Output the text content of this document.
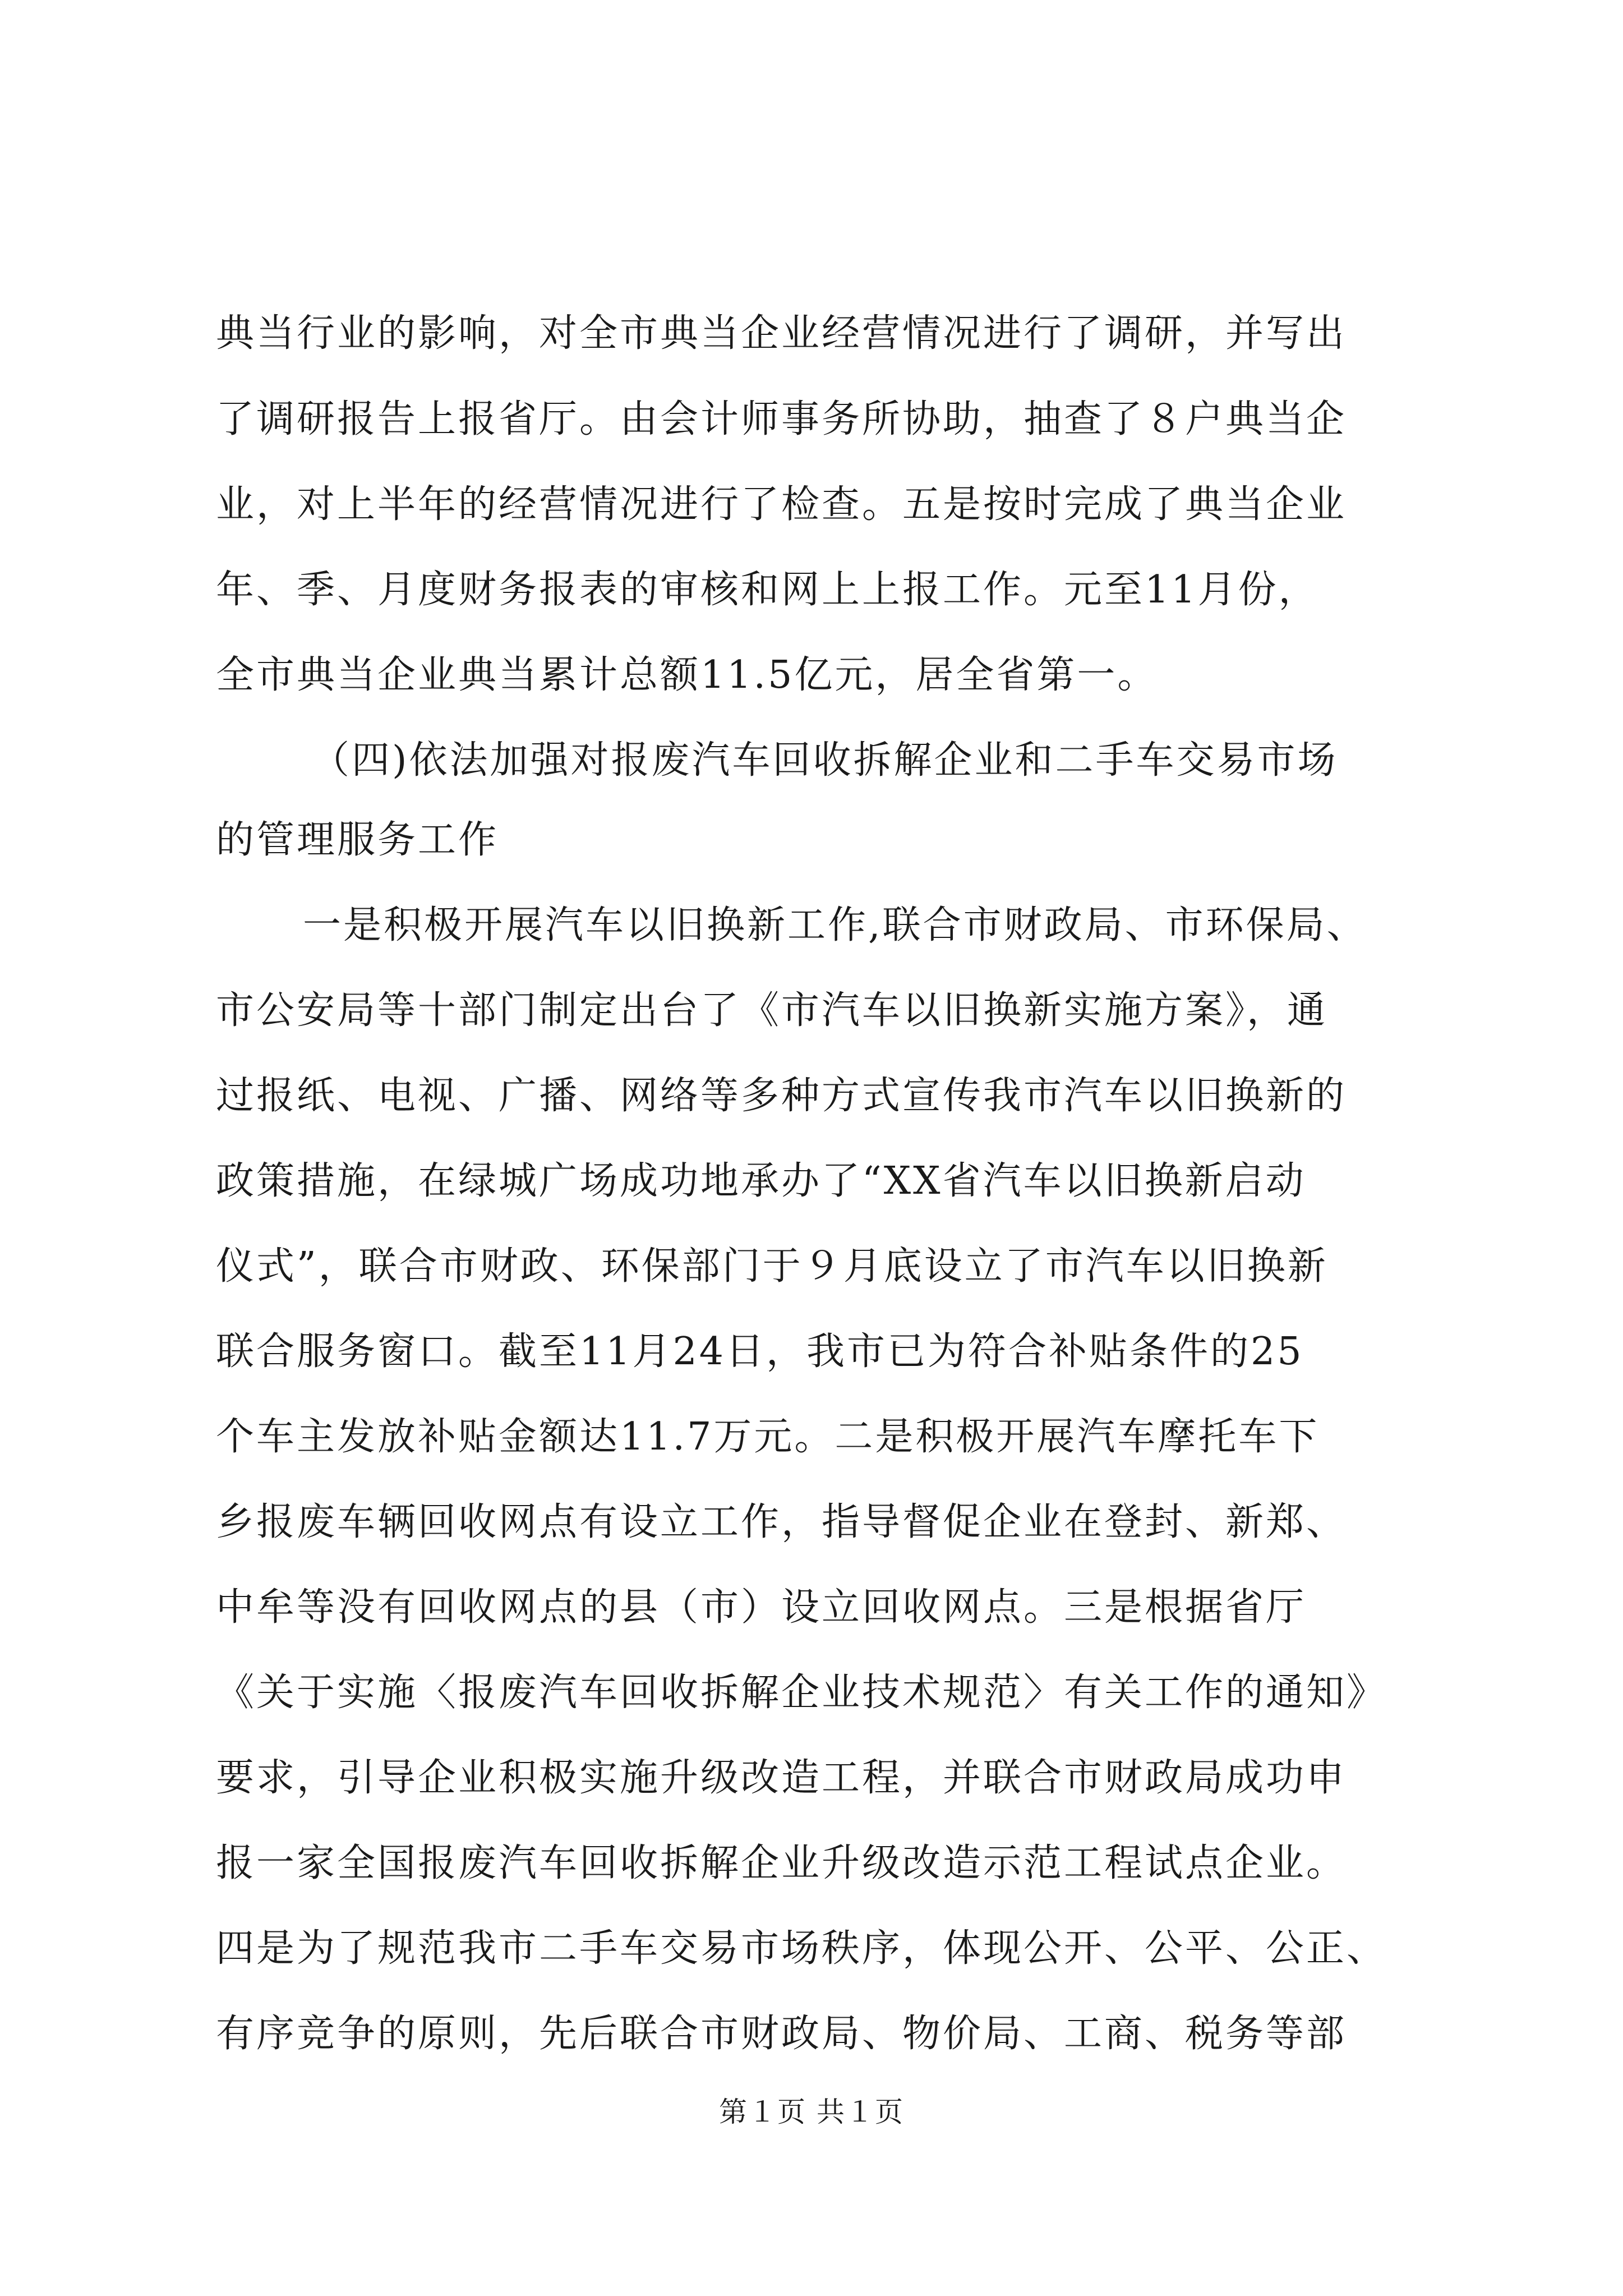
典当行业的影响，对全市典当企业经营情况进行了调研，并写出
了调研报告上报省厅。由会计师事务所协助，抽查了８户典当企
业，对上半年的经营情况进行了检查。五是按时完成了典当企业
年、季、月度财务报表的审核和网上上报工作。元至11月份，
全市典当企业典当累计总额11.5亿元，居全省第一。
（四)依法加强对报废汽车回收拆解企业和二手车交易市场
的管理服务工作
一是积极开展汽车以旧换新工作,联合市财政局、市环保局、
市公安局等十部门制定出台了《市汽车以旧换新实施方案》，通
过报纸、电视、广播、网络等多种方式宣传我市汽车以旧换新的
政策措施，在绿城广场成功地承办了“XX省汽车以旧换新启动
仪式”，联合市财政、环保部门于９月底设立了市汽车以旧换新
联合服务窗口。截至11月24日，我市已为符合补贴条件的25
个车主发放补贴金额达11.7万元。二是积极开展汽车摩托车下
乡报废车辆回收网点有设立工作，指导督促企业在登封、新郑、
中牟等没有回收网点的县（市）设立回收网点。三是根据省厅
《关于实施〈报废汽车回收拆解企业技术规范〉有关工作的通知》
要求，引导企业积极实施升级改造工程，并联合市财政局成功申
报一家全国报废汽车回收拆解企业升级改造示范工程试点企业。
四是为了规范我市二手车交易市场秩序，体现公开、公平、公正、
有序竞争的原则，先后联合市财政局、物价局、工商、税务等部
第１页 共１页
